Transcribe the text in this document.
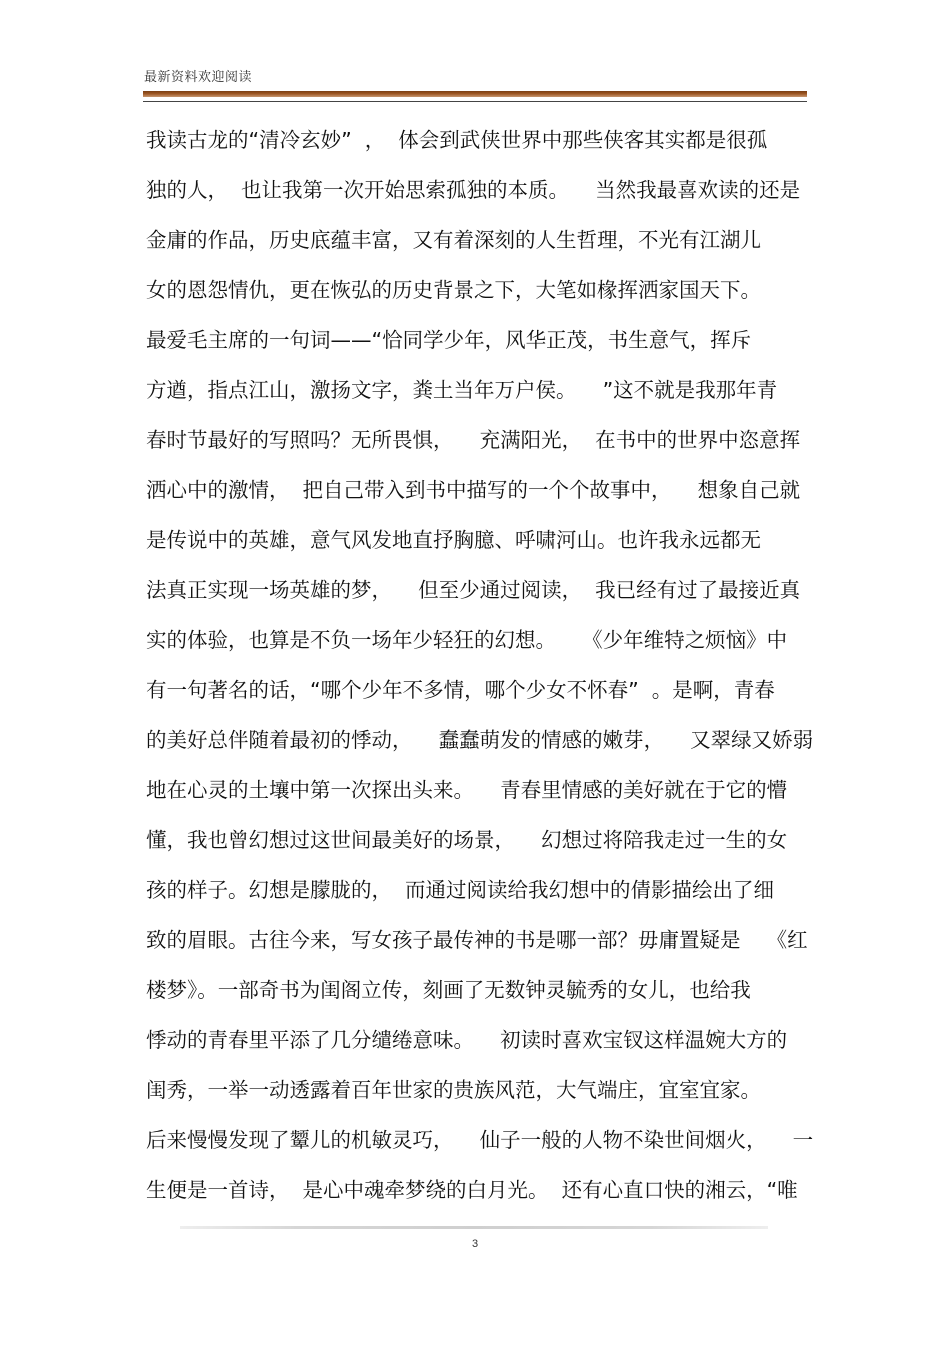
最新资料欢迎阅读
我读古龙的“清冷玄妙”  ，  体会到武侠世界中那些侠客其实都是很孤
独的人，  也让我第一次开始思索孤独的本质。    当然我最喜欢读的还是
金庸的作品，历史底蕴丰富，又有着深刻的人生哲理，不光有江湖儿
女的恩怨情仇，更在恢弘的历史背景之下，大笔如椽挥洒家国天下。
最爱毛主席的一句词——“恰同学少年，风华正茂，书生意气，挥斥
方遒，指点江山，激扬文字，粪土当年万户侯。    ”这不就是我那年青
春时节最好的写照吗？无所畏惧，    充满阳光，  在书中的世界中恣意挥
洒心中的激情，  把自己带入到书中描写的一个个故事中，    想象自己就
是传说中的英雄，意气风发地直抒胸臆、呼啸河山。也许我永远都无
法真正实现一场英雄的梦，    但至少通过阅读，  我已经有过了最接近真
实的体验，也算是不负一场年少轻狂的幻想。    《少年维特之烦恼》中
有一句著名的话，“哪个少年不多情，哪个少女不怀春”  。是啊，青春
的美好总伴随着最初的悸动，    蠢蠢萌发的情感的嫩芽，    又翠绿又娇弱
地在心灵的土壤中第一次探出头来。    青春里情感的美好就在于它的懵
懂，我也曾幻想过这世间最美好的场景，    幻想过将陪我走过一生的女
孩的样子。幻想是朦胧的，  而通过阅读给我幻想中的倩影描绘出了细
致的眉眼。古往今来，写女孩子最传神的书是哪一部？毋庸置疑是    《红
楼梦》。一部奇书为闺阁立传，刻画了无数钟灵毓秀的女儿，也给我
悸动的青春里平添了几分缱绻意味。    初读时喜欢宝钗这样温婉大方的
闺秀，一举一动透露着百年世家的贵族风范，大气端庄，宜室宜家。
后来慢慢发现了颦儿的机敏灵巧，    仙子一般的人物不染世间烟火，    一
生便是一首诗，  是心中魂牵梦绕的白月光。  还有心直口快的湘云，“唯
3
